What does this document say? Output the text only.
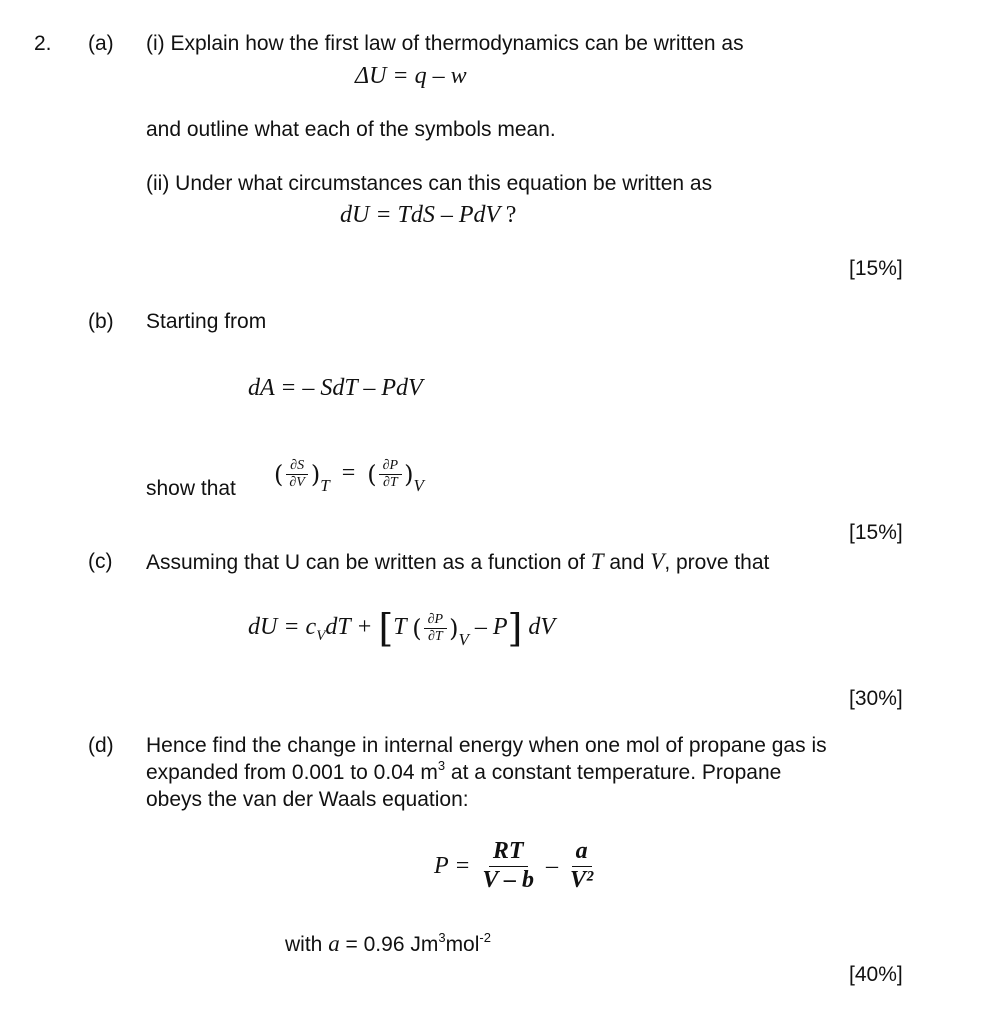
2. (a) (i) Explain how the first law of thermodynamics can be written as
ΔU = q – w
and outline what each of the symbols mean.
(ii) Under what circumstances can this equation be written as
dU = TdS – PdV ?
[15%]
(b) Starting from
dA = – SdT – PdV
show that ( $\frac{\partial S}{\partial V} )_T$ = ( $\frac{\partial P}{\partial T} )_V$
[15%]
(c) Assuming that U can be written as a function of T and V, prove that
dU = $c_VdT + [T$ ( $\frac{\partial P}{\partial T} )_V - P$] dV
[30%]
(d) Hence find the change in internal energy when one mol of propane gas is
expanded from 0.001 to 0.04 $m^3$ at a constant temperature. Propane
obeys the van der Waals equation:
$P = \frac{RT}{V - b} - \frac{a}{\text{V²}}$
with a = 0.96 Jm$^3$mol$^{-2}$
[40%]
